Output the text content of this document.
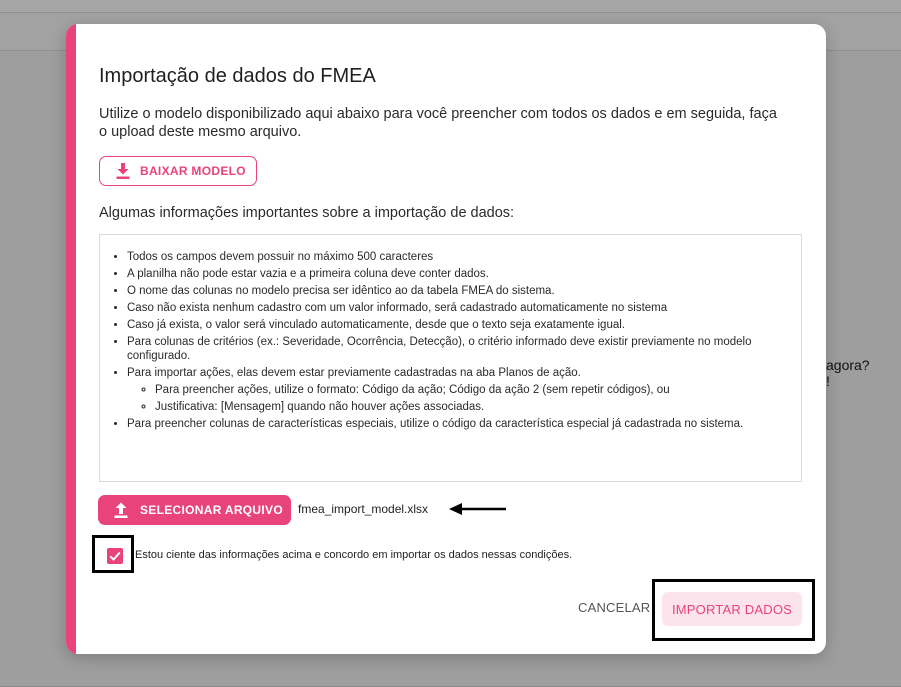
agora?
!
Importação de dados do FMEA
Utilize o modelo disponibilizado aqui abaixo para você preencher com todos os dados e em seguida, faça o upload deste mesmo arquivo.
BAIXAR MODELO
Algumas informações importantes sobre a importação de dados:
• Todos os campos devem possuir no máximo 500 caracteres
• A planilha não pode estar vazia e a primeira coluna deve conter dados.
• O nome das colunas no modelo precisa ser idêntico ao da tabela FMEA do sistema.
• Caso não exista nenhum cadastro com um valor informado, será cadastrado automaticamente no sistema
• Caso já exista, o valor será vinculado automaticamente, desde que o texto seja exatamente igual.
• Para colunas de critérios (ex.: Severidade, Ocorrência, Detecção), o critério informado deve existir previamente no modelo configurado.
• Para importar ações, elas devem estar previamente cadastradas na aba Planos de ação.
◦ Para preencher ações, utilize o formato: Código da ação; Código da ação 2 (sem repetir códigos), ou
◦ Justificativa: [Mensagem] quando não houver ações associadas.
• Para preencher colunas de características especiais, utilize o código da característica especial já cadastrada no sistema.
SELECIONAR ARQUIVO fmea_import_model.xlsx
Estou ciente das informações acima e concordo em importar os dados nessas condições.
CANCELAR	IMPORTAR DADOS
